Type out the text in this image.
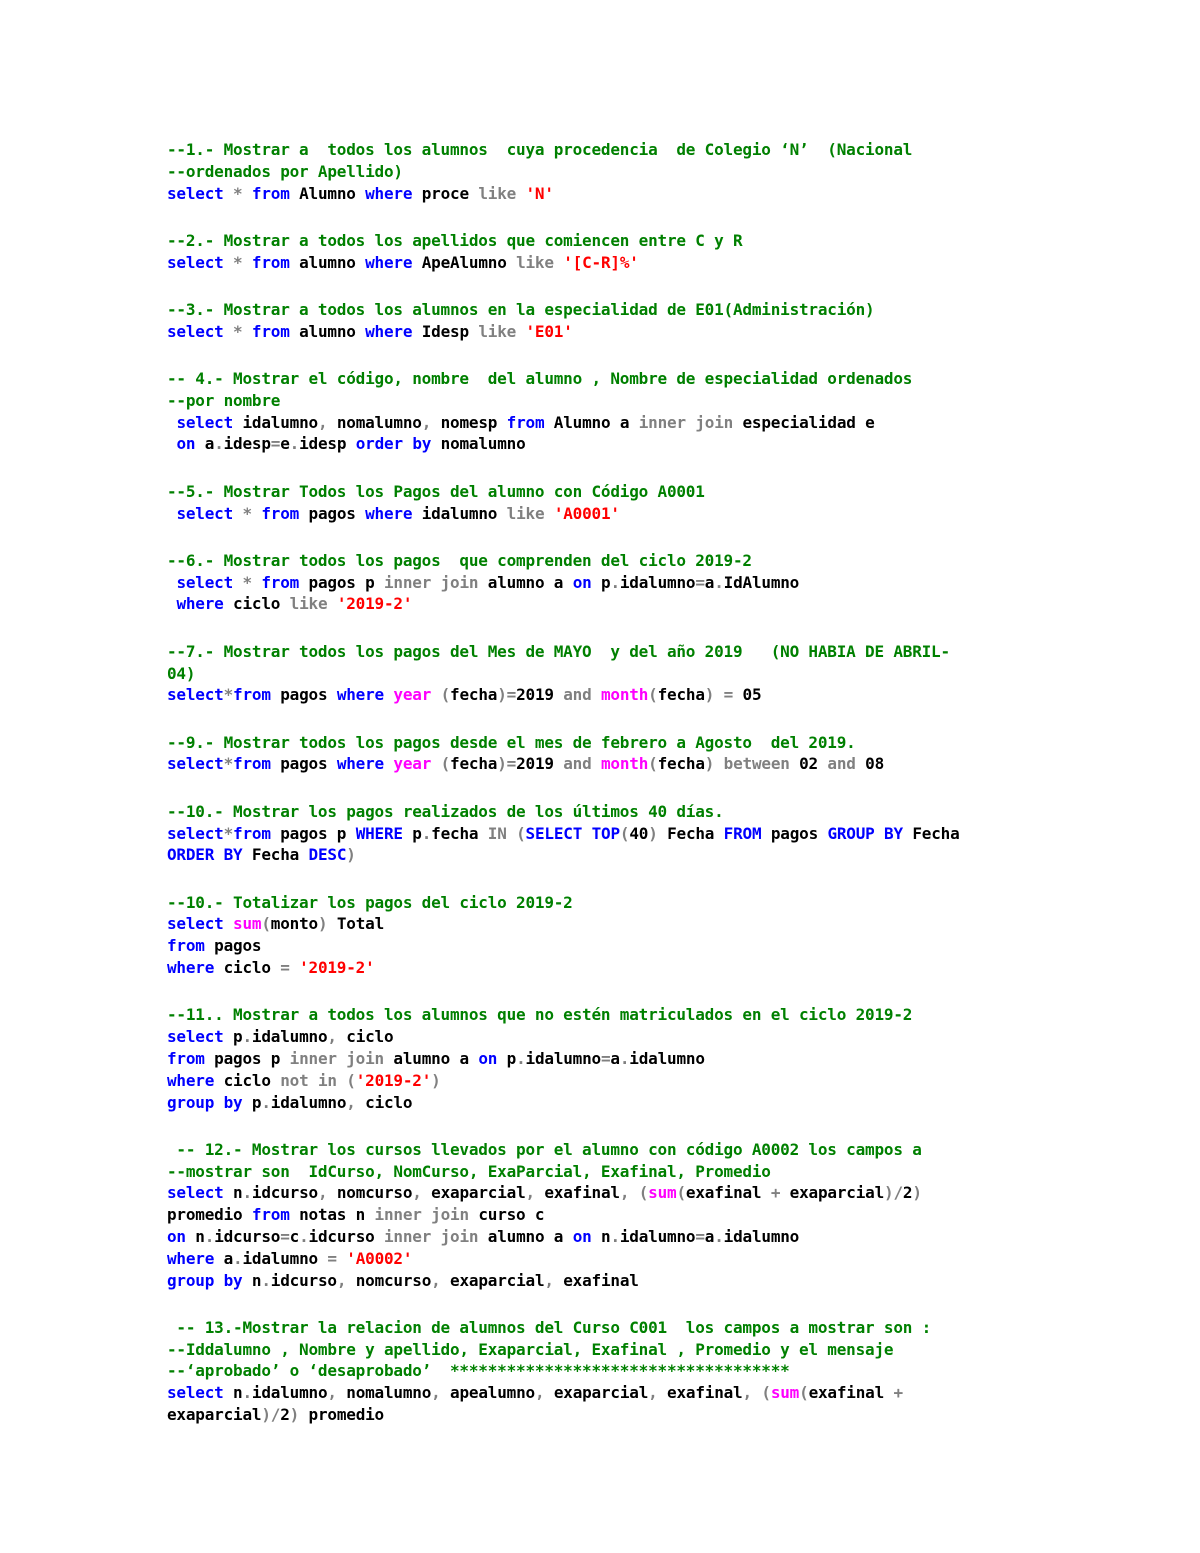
--1.- Mostrar a  todos los alumnos  cuya procedencia  de Colegio ‘N’  (Nacional
--ordenados por Apellido)
select * from Alumno where proce like 'N'
--2.- Mostrar a todos los apellidos que comiencen entre C y R
select * from alumno where ApeAlumno like '[C-R]%'
--3.- Mostrar a todos los alumnos en la especialidad de E01(Administración)
select * from alumno where Idesp like 'E01'
-- 4.- Mostrar el código, nombre  del alumno , Nombre de especialidad ordenados
--por nombre
select idalumno, nomalumno, nomesp from Alumno a inner join especialidad e
on a.idesp=e.idesp order by nomalumno
--5.- Mostrar Todos los Pagos del alumno con Código A0001
select * from pagos where idalumno like 'A0001'
--6.- Mostrar todos los pagos  que comprenden del ciclo 2019-2
select * from pagos p inner join alumno a on p.idalumno=a.IdAlumno
where ciclo like '2019-2'
--7.- Mostrar todos los pagos del Mes de MAYO  y del año 2019   (NO HABIA DE ABRIL-
04)
select*from pagos where year (fecha)=2019 and month(fecha) = 05
--9.- Mostrar todos los pagos desde el mes de febrero a Agosto  del 2019.
select*from pagos where year (fecha)=2019 and month(fecha) between 02 and 08
--10.- Mostrar los pagos realizados de los últimos 40 días.
select*from pagos p WHERE p.fecha IN (SELECT TOP(40) Fecha FROM pagos GROUP BY Fecha
ORDER BY Fecha DESC)
--10.- Totalizar los pagos del ciclo 2019-2
select sum(monto) Total
from pagos
where ciclo = '2019-2'
--11.. Mostrar a todos los alumnos que no estén matriculados en el ciclo 2019-2
select p.idalumno, ciclo
from pagos p inner join alumno a on p.idalumno=a.idalumno
where ciclo not in ('2019-2')
group by p.idalumno, ciclo
-- 12.- Mostrar los cursos llevados por el alumno con código A0002 los campos a
--mostrar son  IdCurso, NomCurso, ExaParcial, Exafinal, Promedio
select n.idcurso, nomcurso, exaparcial, exafinal, (sum(exafinal + exaparcial)/2)
promedio from notas n inner join curso c
on n.idcurso=c.idcurso inner join alumno a on n.idalumno=a.idalumno
where a.idalumno = 'A0002'
group by n.idcurso, nomcurso, exaparcial, exafinal
-- 13.-Mostrar la relacion de alumnos del Curso C001  los campos a mostrar son :
--Iddalumno , Nombre y apellido, Exaparcial, Exafinal , Promedio y el mensaje
--‘aprobado’ o ‘desaprobado’  ************************************
select n.idalumno, nomalumno, apealumno, exaparcial, exafinal, (sum(exafinal +
exaparcial)/2) promedio
